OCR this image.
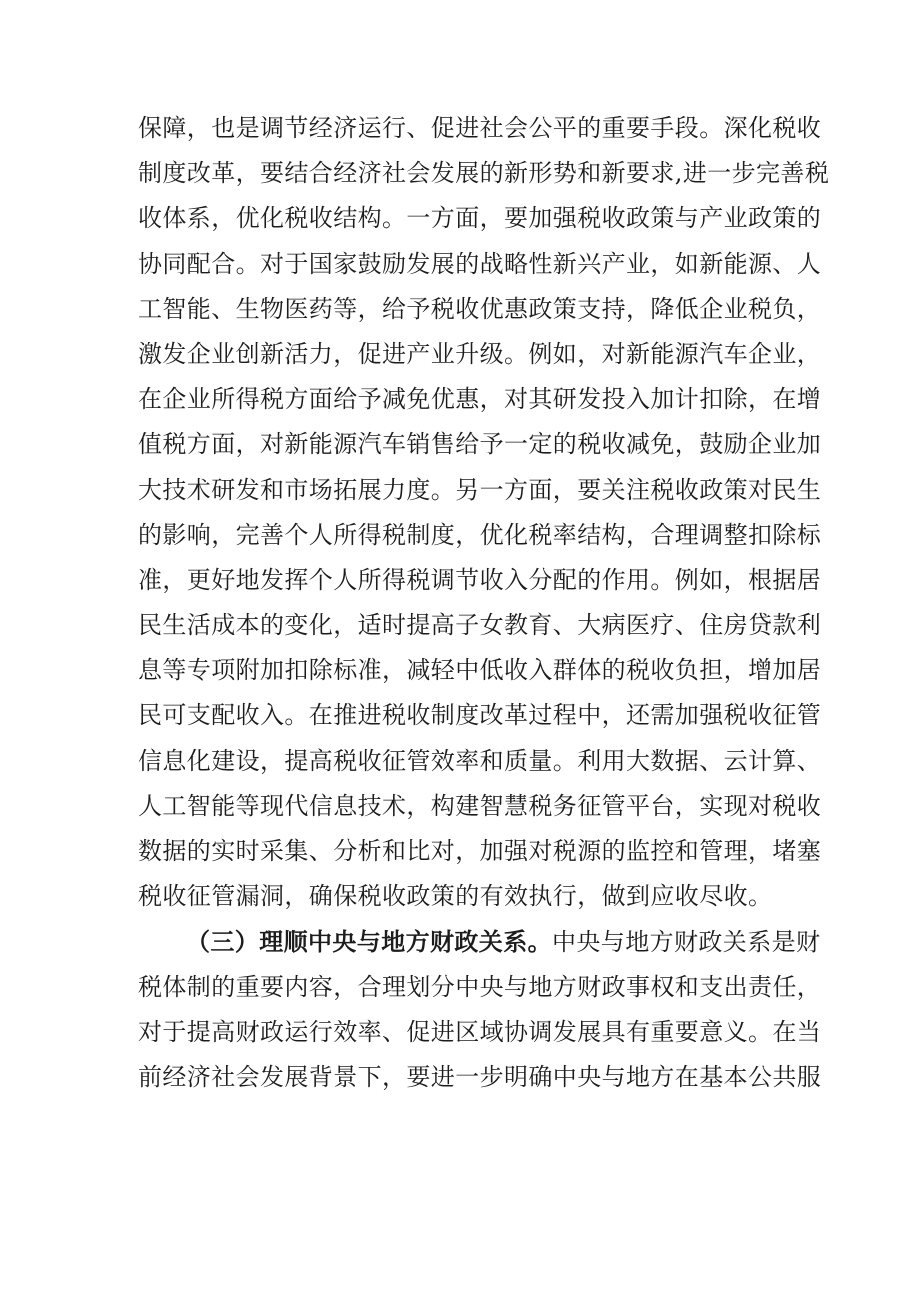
保障，也是调节经济运行、促进社会公平的重要手段。深化税收
制度改革，要结合经济社会发展的新形势和新要求,进一步完善税
收体系，优化税收结构。一方面，要加强税收政策与产业政策的
协同配合。对于国家鼓励发展的战略性新兴产业，如新能源、人
工智能、生物医药等，给予税收优惠政策支持，降低企业税负，
激发企业创新活力，促进产业升级。例如，对新能源汽车企业，
在企业所得税方面给予减免优惠，对其研发投入加计扣除，在增
值税方面，对新能源汽车销售给予一定的税收减免，鼓励企业加
大技术研发和市场拓展力度。另一方面，要关注税收政策对民生
的影响，完善个人所得税制度，优化税率结构，合理调整扣除标
准，更好地发挥个人所得税调节收入分配的作用。例如，根据居
民生活成本的变化，适时提高子女教育、大病医疗、住房贷款利
息等专项附加扣除标准，减轻中低收入群体的税收负担，增加居
民可支配收入。在推进税收制度改革过程中，还需加强税收征管
信息化建设，提高税收征管效率和质量。利用大数据、云计算、
人工智能等现代信息技术，构建智慧税务征管平台，实现对税收
数据的实时采集、分析和比对，加强对税源的监控和管理，堵塞
税收征管漏洞，确保税收政策的有效执行，做到应收尽收。
（三）理顺中央与地方财政关系。中央与地方财政关系是财
税体制的重要内容，合理划分中央与地方财政事权和支出责任，
对于提高财政运行效率、促进区域协调发展具有重要意义。在当
前经济社会发展背景下，要进一步明确中央与地方在基本公共服
